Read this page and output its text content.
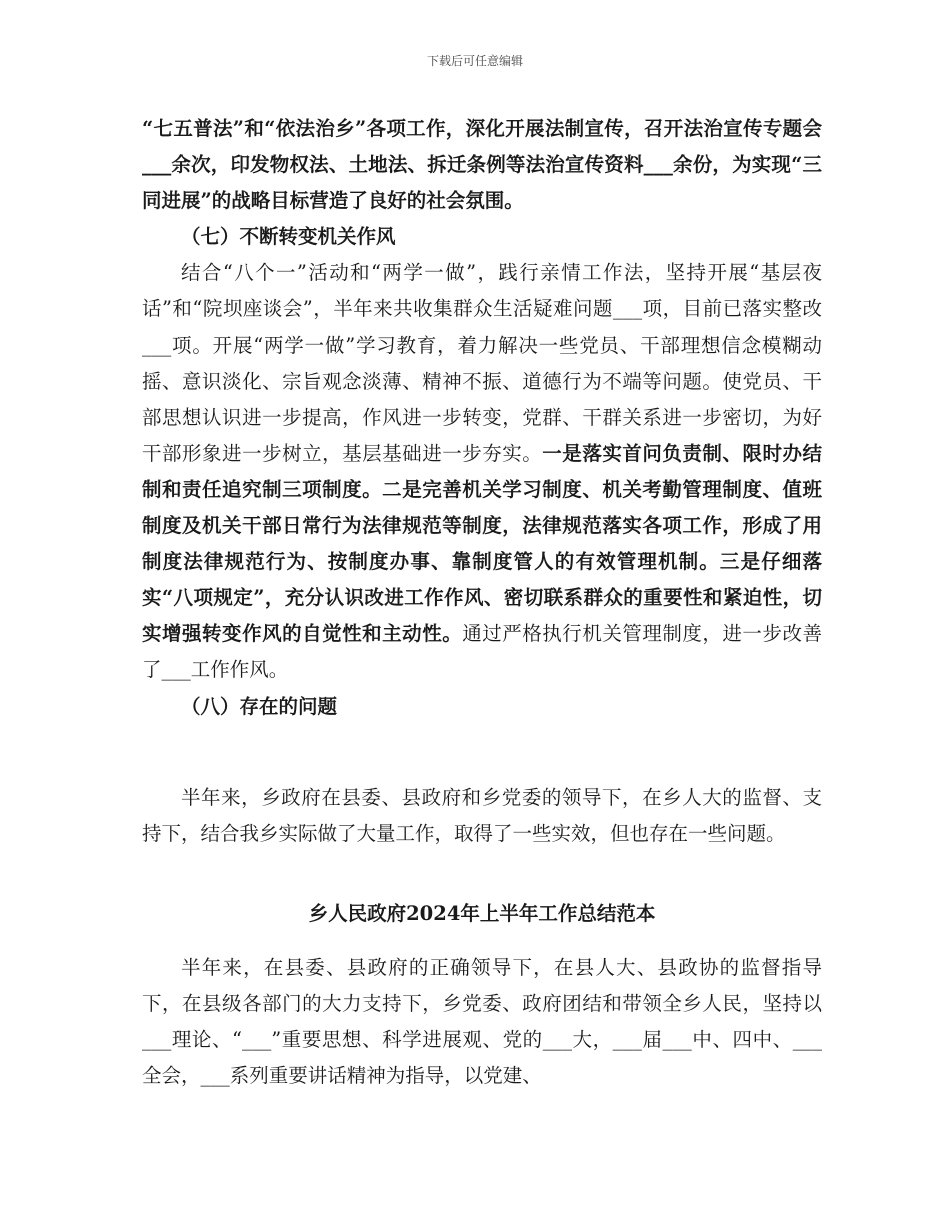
下载后可任意编辑

“七五普法”和“依法治乡”各项工作，深化开展法制宣传，召开法治宣传专题会___余次，印发物权法、土地法、拆迁条例等法治宣传资料___余份，为实现“三同进展”的战略目标营造了良好的社会氛围。

（七）不断转变机关作风

结合“八个一”活动和“两学一做”，践行亲情工作法，坚持开展“基层夜话”和“院坝座谈会”，半年来共收集群众生活疑难问题___项，目前已落实整改___项。开展“两学一做”学习教育，着力解决一些党员、干部理想信念模糊动摇、意识淡化、宗旨观念淡薄、精神不振、道德行为不端等问题。使党员、干部思想认识进一步提高，作风进一步转变，党群、干群关系进一步密切，为好干部形象进一步树立，基层基础进一步夯实。一是落实首问负责制、限时办结制和责任追究制三项制度。二是完善机关学习制度、机关考勤管理制度、值班制度及机关干部日常行为法律规范等制度，法律规范落实各项工作，形成了用制度法律规范行为、按制度办事、靠制度管人的有效管理机制。三是仔细落实“八项规定”，充分认识改进工作作风、密切联系群众的重要性和紧迫性，切实增强转变作风的自觉性和主动性。通过严格执行机关管理制度，进一步改善了___工作作风。

（八）存在的问题

半年来，乡政府在县委、县政府和乡党委的领导下，在乡人大的监督、支持下，结合我乡实际做了大量工作，取得了一些实效，但也存在一些问题。

乡人民政府2024年上半年工作总结范本

半年来，在县委、县政府的正确领导下，在县人大、县政协的监督指导下，在县级各部门的大力支持下，乡党委、政府团结和带领全乡人民，坚持以___理论、“___”重要思想、科学进展观、党的___大，___届___中、四中、___全会，___系列重要讲话精神为指导，以党建、
